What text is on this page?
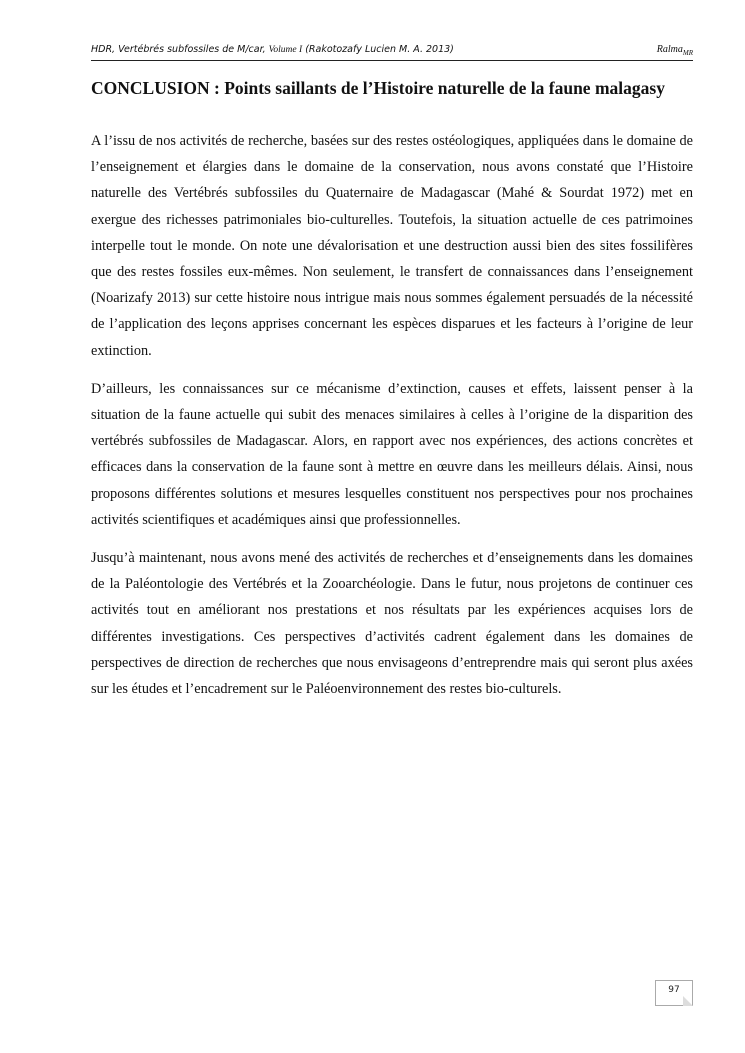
HDR, Vertébrés subfossiles de M/car, Volume I (Rakotozafy Lucien M. A. 2013)	Ralma$_{MR}$
CONCLUSION : Points saillants de l’Histoire naturelle de la faune malagasy

A l’issu de nos activités de recherche, basées sur des restes ostéologiques, appliquées dans le domaine de l’enseignement et élargies dans le domaine de la conservation, nous avons constaté que l’Histoire naturelle des Vertébrés subfossiles du Quaternaire de Madagascar (Mahé & Sourdat 1972) met en exergue des richesses patrimoniales bio-culturelles. Toutefois, la situation actuelle de ces patrimoines interpelle tout le monde. On note une dévalorisation et une destruction aussi bien des sites fossilifères que des restes fossiles eux-mêmes. Non seulement, le transfert de connaissances dans l’enseignement (Noarizafy 2013) sur cette histoire nous intrigue mais nous sommes également persuadés de la nécessité de l’application des leçons apprises concernant les espèces disparues et les facteurs à l’origine de leur extinction.

D’ailleurs, les connaissances sur ce mécanisme d’extinction, causes et effets, laissent penser à la situation de la faune actuelle qui subit des menaces similaires à celles à l’origine de la disparition des vertébrés subfossiles de Madagascar. Alors, en rapport avec nos expériences, des actions concrètes et efficaces dans la conservation de la faune sont à mettre en œuvre dans les meilleurs délais. Ainsi, nous proposons différentes solutions et mesures lesquelles constituent nos perspectives pour nos prochaines activités scientifiques et académiques ainsi que professionnelles.

Jusqu’à maintenant, nous avons mené des activités de recherches et d’enseignements dans les domaines de la Paléontologie des Vertébrés et la Zooarchéologie. Dans le futur, nous projetons de continuer ces activités tout en améliorant nos prestations et nos résultats par les expériences acquises lors de différentes investigations. Ces perspectives d’activités cadrent également dans les domaines de perspectives de direction de recherches que nous envisageons d’entreprendre mais qui seront plus axées sur les études et l’encadrement sur le Paléoenvironnement des restes bio-culturels.

97
